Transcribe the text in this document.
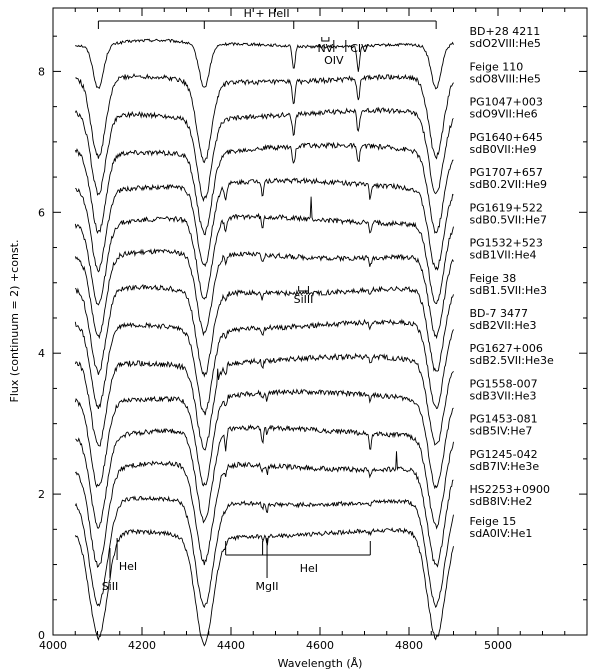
4000	4200	4400	4600	4800	5000
0
2
4
6
8
BD+28 4211
sdO2VIII:He5
Feige 110
sdO8VIII:He5
PG1047+003
sdO9VII:He6
PG1640+645
sdB0VII:He9
PG1707+657
sdB0.2VII:He9
PG1619+522
sdB0.5VII:He7
PG1532+523
sdB1VII:He4
Feige 38
sdB1.5VII:He3
BD-7 3477
sdB2VII:He3
PG1627+006
sdB2.5VII:He3e
PG1558-007
sdB3VII:He3
PG1453-081
sdB5IV:He7
PG1245-042
sdB7IV:He3e
HS2253+0900
sdB8IV:He2
Feige 15
sdA0IV:He1
H + HeII
NV
OIV
CIV
SiIII
SiII
HeI	HeI
MgII
Wavelength (Å)
Flux (continuum = 2) +const.
